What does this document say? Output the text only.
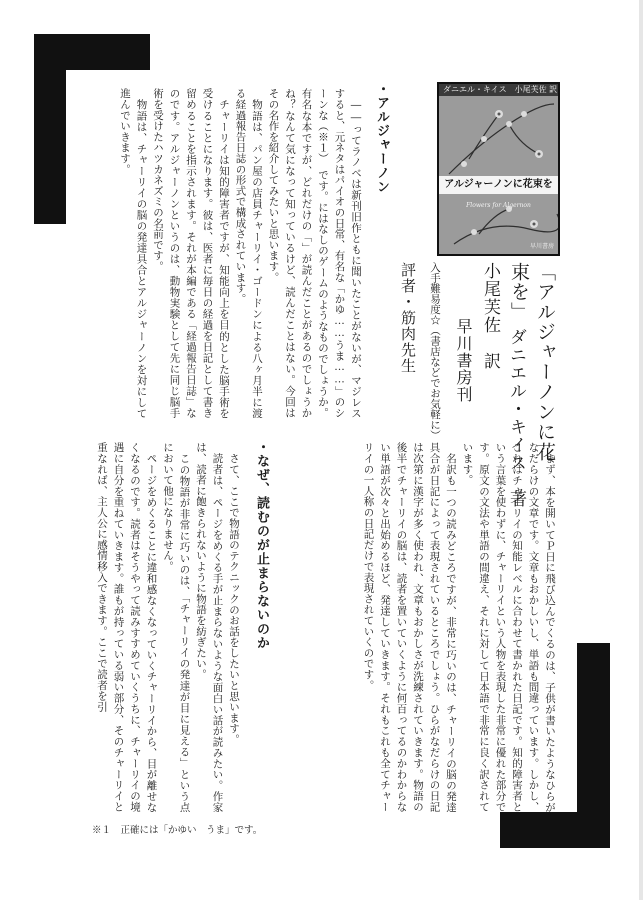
ダニエル・キイス　 小尾芙佐 訳
アルジャーノンに花束を
Flowers for Algernon
早川書房
「アルジャーノンに花
束を」
ダニエル・キイス　著
小尾芙佐　訳
早川書房刊
入手難易度☆（書店などでお気軽に）
評者・筋肉先生
・アルジャーノン

――ってラノベは新刊旧作ともに聞いたことがないが、マジレスすると、元ネタはパイオの日常、有名な「かゆ……うま……」のシーンな（※１）　です。にはなしのゲームのようなものでしょうか。有名な本ですが、どれだけの「」が読んだことがあるのでしょうかね？なんて気になって知っているけど、読んだことはない。今回はその名作を紹介してみたいと思います。

物語は、パン屋の店員チャーリイ・ゴードンによる八ヶ月半に渡る経過報告日誌の形式で構成されています。

チャーリイは知的障害者ですが、知能向上を目的とした脳手術を受けることになります。彼は、医者に毎日の経過を日記として書き留めることを指示されます。それが本編である「経過報告日誌」なのです。アルジャーノンというのは、動物実験として先に同じ脳手術を受けたハツカネズミの名前です。

物語は、チャーリイの脳の発達具合とアルジャーノンを対にして進んでいきます。

まず、本を開いてＰ日に飛び込んでくるのは、子供が書いたようなひらがなだらけの文章です。文章もおかしいし、単語も間違っています。しかし、これはチャーリイの知能レベルに合わせて書かれた日記です。知的障害者という言葉を使わずに、チャーリイという人物を表現した非常に優れた部分です。原文の文法や単語の間違え、それに対して日本語で非常に良く訳されています。

名訳も一つの読みどころですが、非常に巧いのは、チャーリイの脳の発達具合が日記によって表現されているところでしょう。ひらがなだらけの日記は次第に漢字が多く使われ、文章もおかしさが洗練されていきます。物語の後半でチャーリイの脳は、読者を置いていくように何百ってるのかわからない単語が次々と出始めるほど、発達していきます。それもこれも全てチャーリイの一人称の日記だけで表現されていくのです。

・なぜ、読むのが止まらないのか

さて、ここで物語のテクニックのお話をしたいと思います。

読者は、ページをめくる手が止まらないような面白い話が読みたい。作家は、読者に飽きられないように物語を紡ぎたい。

この物語が非常に巧いのは、「チャーリイの発達が目に見える」という点において他になりません。

ページをめくることに違和感なくなっていくチャーリイから、目が離せなくなるのです。読者はそうやって読みすすめていくうちに、チャーリイの境遇に自分を重ねていきます。誰もが持っている弱い部分、そのチャーリイと重なれば、主人公に感情移入できます。ここで読者を引

※１　正確には「かゆい　うま」です。
